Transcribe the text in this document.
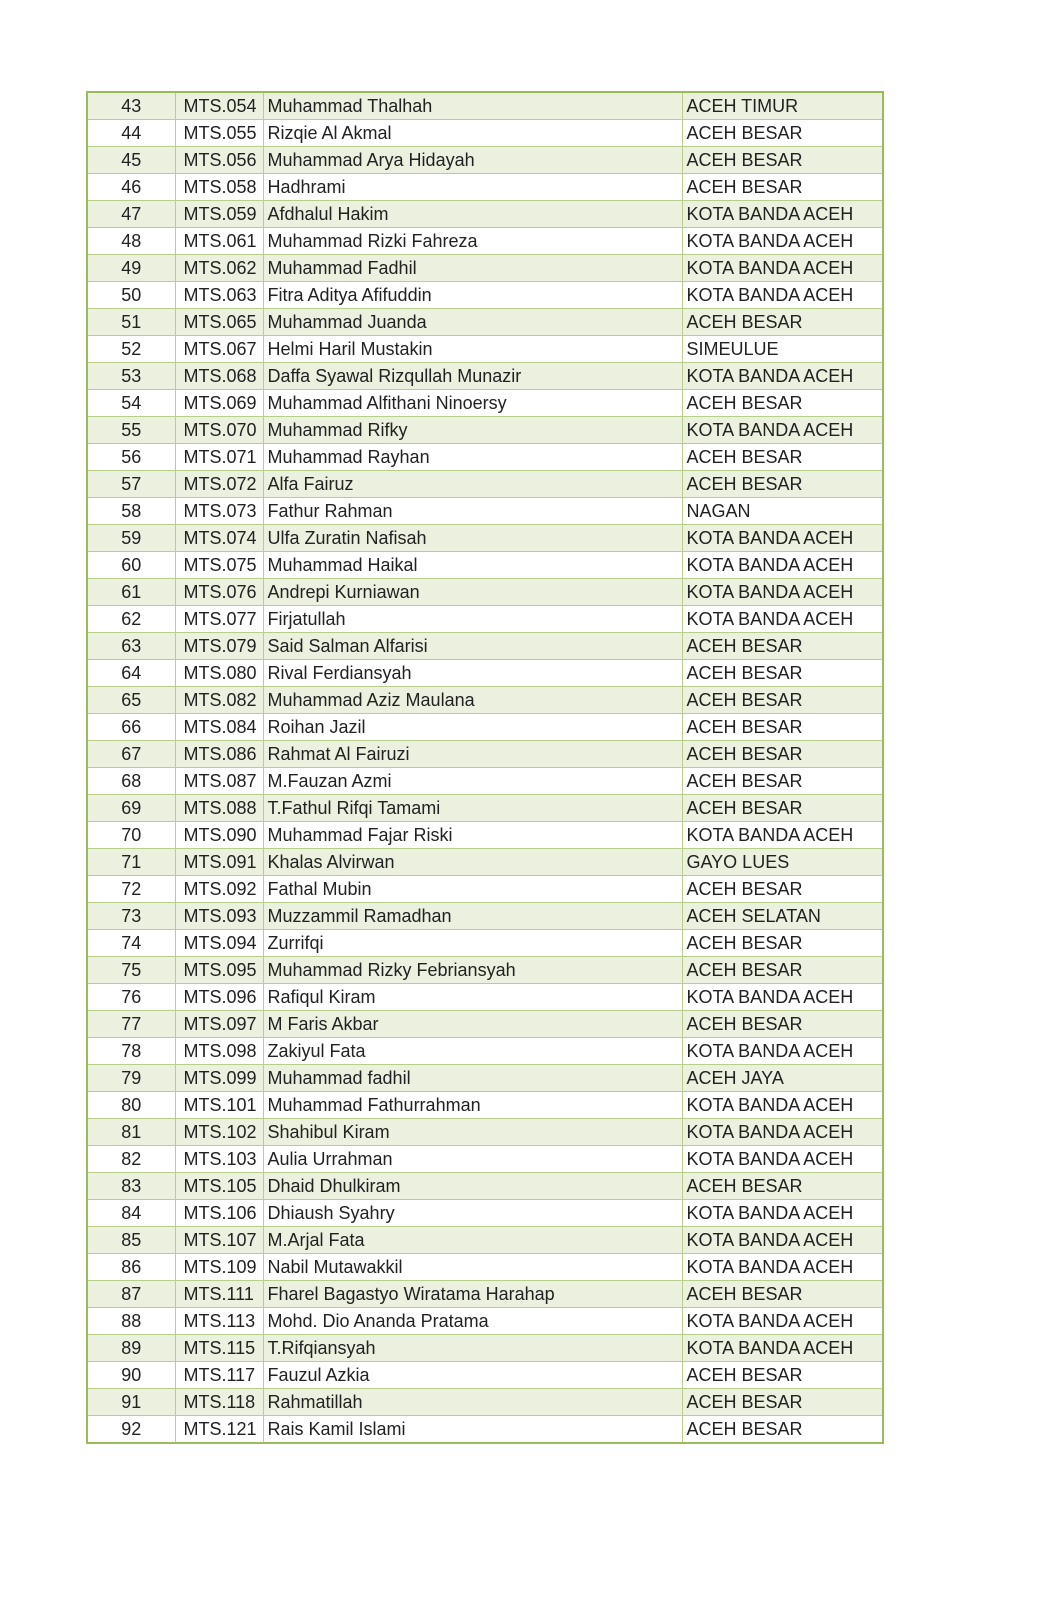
43	MTS.054	Muhammad Thalhah	ACEH TIMUR
44	MTS.055	Rizqie Al Akmal	ACEH BESAR
45	MTS.056	Muhammad Arya Hidayah	ACEH BESAR
46	MTS.058	Hadhrami	ACEH BESAR
47	MTS.059	Afdhalul Hakim	KOTA BANDA ACEH
48	MTS.061	Muhammad Rizki Fahreza	KOTA BANDA ACEH
49	MTS.062	Muhammad Fadhil	KOTA BANDA ACEH
50	MTS.063	Fitra Aditya Afifuddin	KOTA BANDA ACEH
51	MTS.065	Muhammad Juanda	ACEH BESAR
52	MTS.067	Helmi Haril Mustakin	SIMEULUE
53	MTS.068	Daffa Syawal Rizqullah Munazir	KOTA BANDA ACEH
54	MTS.069	Muhammad Alfithani Ninoersy	ACEH BESAR
55	MTS.070	Muhammad Rifky	KOTA BANDA ACEH
56	MTS.071	Muhammad Rayhan	ACEH BESAR
57	MTS.072	Alfa Fairuz	ACEH BESAR
58	MTS.073	Fathur Rahman	NAGAN
59	MTS.074	Ulfa Zuratin Nafisah	KOTA BANDA ACEH
60	MTS.075	Muhammad Haikal	KOTA BANDA ACEH
61	MTS.076	Andrepi Kurniawan	KOTA BANDA ACEH
62	MTS.077	Firjatullah	KOTA BANDA ACEH
63	MTS.079	Said Salman Alfarisi	ACEH BESAR
64	MTS.080	Rival Ferdiansyah	ACEH BESAR
65	MTS.082	Muhammad Aziz Maulana	ACEH BESAR
66	MTS.084	Roihan Jazil	ACEH BESAR
67	MTS.086	Rahmat Al Fairuzi	ACEH BESAR
68	MTS.087	M.Fauzan Azmi	ACEH BESAR
69	MTS.088	T.Fathul Rifqi Tamami	ACEH BESAR
70	MTS.090	Muhammad Fajar Riski	KOTA BANDA ACEH
71	MTS.091	Khalas Alvirwan	GAYO LUES
72	MTS.092	Fathal Mubin	ACEH BESAR
73	MTS.093	Muzzammil Ramadhan	ACEH SELATAN
74	MTS.094	Zurrifqi	ACEH BESAR
75	MTS.095	Muhammad Rizky Febriansyah	ACEH BESAR
76	MTS.096	Rafiqul Kiram	KOTA BANDA ACEH
77	MTS.097	M Faris Akbar	ACEH BESAR
78	MTS.098	Zakiyul Fata	KOTA BANDA ACEH
79	MTS.099	Muhammad fadhil	ACEH JAYA
80	MTS.101	Muhammad Fathurrahman	KOTA BANDA ACEH
81	MTS.102	Shahibul Kiram	KOTA BANDA ACEH
82	MTS.103	Aulia Urrahman	KOTA BANDA ACEH
83	MTS.105	Dhaid Dhulkiram	ACEH BESAR
84	MTS.106	Dhiaush Syahry	KOTA BANDA ACEH
85	MTS.107	M.Arjal Fata	KOTA BANDA ACEH
86	MTS.109	Nabil Mutawakkil	KOTA BANDA ACEH
87	MTS.111	Fharel Bagastyo Wiratama Harahap	ACEH BESAR
88	MTS.113	Mohd. Dio Ananda Pratama	KOTA BANDA ACEH
89	MTS.115	T.Rifqiansyah	KOTA BANDA ACEH
90	MTS.117	Fauzul Azkia	ACEH BESAR
91	MTS.118	Rahmatillah	ACEH BESAR
92	MTS.121	Rais Kamil Islami	ACEH BESAR
